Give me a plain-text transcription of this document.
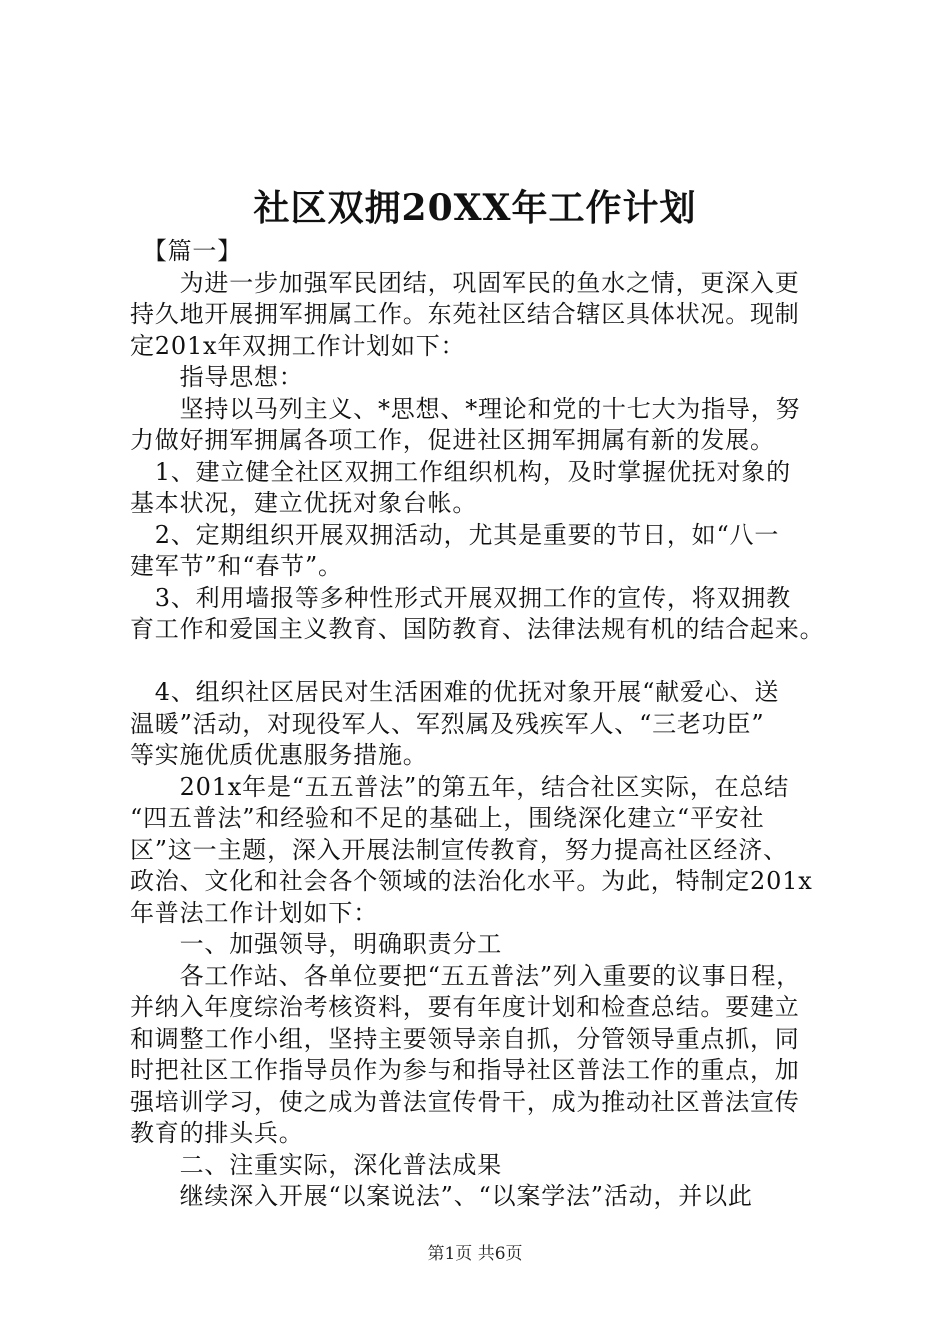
社区双拥20XX年工作计划
　【篇一】
　　为进一步加强军民团结，巩固军民的鱼水之情，更深入更
持久地开展拥军拥属工作。东苑社区结合辖区具体状况。现制
定201x年双拥工作计划如下：
　　指导思想：
　　坚持以马列主义、*思想、*理论和党的十七大为指导，努
力做好拥军拥属各项工作，促进社区拥军拥属有新的发展。
　1、建立健全社区双拥工作组织机构，及时掌握优抚对象的
基本状况，建立优抚对象台帐。
　2、定期组织开展双拥活动，尤其是重要的节日，如“八一
建军节”和“春节”。
　3、利用墙报等多种性形式开展双拥工作的宣传，将双拥教
育工作和爱国主义教育、国防教育、法律法规有机的结合起来。
　4、组织社区居民对生活困难的优抚对象开展“献爱心、送
温暖”活动，对现役军人、军烈属及残疾军人、“三老功臣”
等实施优质优惠服务措施。
　　201x年是“五五普法”的第五年，结合社区实际，在总结
“四五普法”和经验和不足的基础上，围绕深化建立“平安社
区”这一主题，深入开展法制宣传教育，努力提高社区经济、
政治、文化和社会各个领域的法治化水平。为此，特制定201x
年普法工作计划如下：
　　一、加强领导，明确职责分工
　　各工作站、各单位要把“五五普法”列入重要的议事日程，
并纳入年度综治考核资料，要有年度计划和检查总结。要建立
和调整工作小组，坚持主要领导亲自抓，分管领导重点抓，同
时把社区工作指导员作为参与和指导社区普法工作的重点，加
强培训学习，使之成为普法宣传骨干，成为推动社区普法宣传
教育的排头兵。
　　二、注重实际，深化普法成果
　　继续深入开展“以案说法”、“以案学法”活动，并以此
第1页 共6页
